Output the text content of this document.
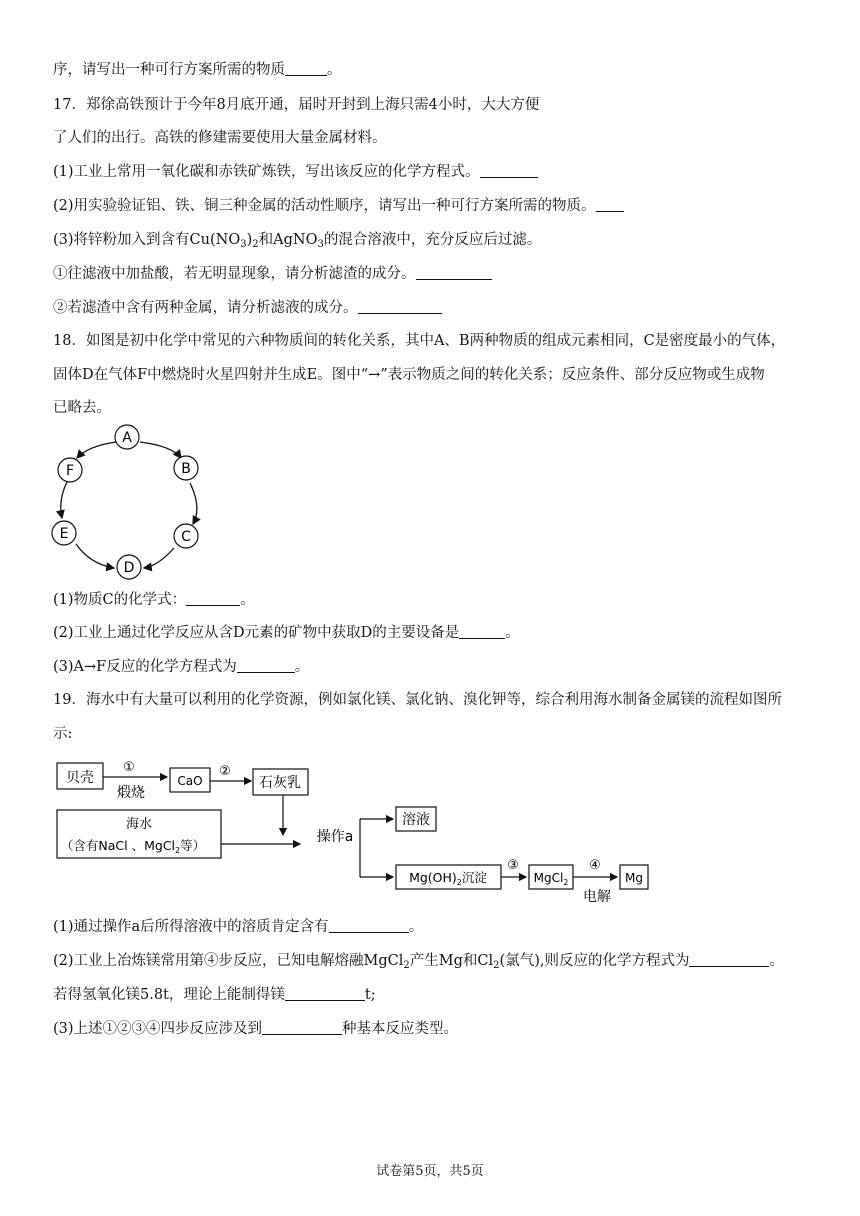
序，请写出一种可行方案所需的物质	。
17．郑徐高铁预计于今年8月底开通，届时开封到上海只需4小时，大大方便
了人们的出行。高铁的修建需要使用大量金属材料。
(1)工业上常用一氧化碳和赤铁矿炼铁，写出该反应的化学方程式。
(2)用实验验证铝、铁、铜三种金属的活动性顺序，请写出一种可行方案所需的物质。
(3)将锌粉加入到含有$Cu(NO_3)_2$和AgNO$_3$的混合溶液中，充分反应后过滤。
①往滤液中加盐酸，若无明显现象，请分析滤渣的成分。
②若滤渣中含有两种金属，请分析滤液的成分。
18．如图是初中化学中常见的六种物质间的转化关系，其中A、B两种物质的组成元素相同，C是密度最小的气体，
固体D在气体F中燃烧时火星四射并生成E。图中“→”表示物质之间的转化关系；反应条件、部分反应物或生成物
已略去。
A
B
C
D
E
F
(1)物质C的化学式：	。
(2)工业上通过化学反应从含D元素的矿物中获取D的主要设备是	。
(3)A→F反应的化学方程式为	。
19．海水中有大量可以利用的化学资源，例如氯化镁、氯化钠、溴化钾等，综合利用海水制备金属镁的流程如图所
示:
贝壳
①
煅烧
CaO
②
石灰乳
海水
（含有NaCl 、MgCl$_2$等）
操作a
溶液
$Mg(OH)_2$沉淀
③
MgCl$_2$
④
电解
Mg
(1)通过操作a后所得溶液中的溶质肯定含有	。
(2)工业上冶炼镁常用第④步反应，已知电解熔融MgCl$_2$产生Mg和$Cl_2$(氯气),则反应的化学方程式为	。
若得氢氧化镁5.8t，理论上能制得镁	t;
(3)上述①②③④四步反应涉及到	种基本反应类型。
试卷第5页，共5页
